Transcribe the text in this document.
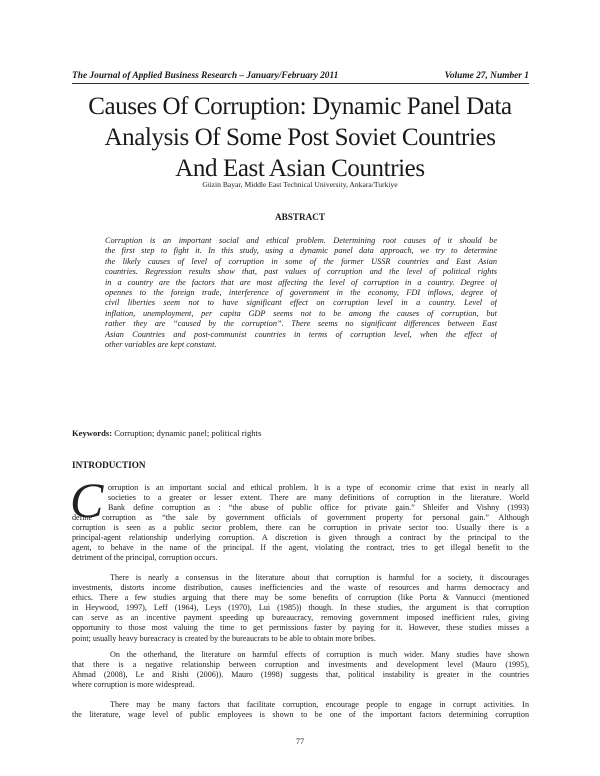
The Journal of Applied Business Research – January/February 2011	Volume 27, Number 1
Causes Of Corruption: Dynamic Panel Data
Analysis Of Some Post Soviet Countries
And East Asian Countries
Güzin Bayar, Middle East Technical University, Ankara/Turkiye
ABSTRACT
Corruption is an important social and ethical problem. Determining root causes of it should be
the first step to fight it. In this study, using a dynamic panel data approach, we try to determine
the likely causes of level of corruption in some of the former USSR countries and East Asian
countries. Regression results show that, past values of corruption and the level of political rights
in a country are the factors that are most affecting the level of corruption in a country. Degree of
opennes to the foreign trade, interference of government in the economy, FDI inflows, degree of
civil liberties seem not to have significant effect on corruption level in a country. Level of
inflation, unemployment, per capita GDP seems not to be among the causes of corruption, but
rather they are “caused by the corruption”. There seems no significant differences between East
Asian Countries and post-communist countries in terms of corruption level, when the effect of
other variables are kept constant.
Keywords: Corruption; dynamic panel; political rights
INTRODUCTION
C orruption is an important social and ethical problem. It is a type of economic crime that exist in nearly all
societies to a greater or lesser extent. There are many definitions of corruption in the literature. World
Bank define corruption as : “the abuse of public office for private gain.” Shleifer and Vishny (1993)
define corruption as “the sale by government officials of government property for personal gain.” Although
corruption is seen as a public sector problem, there can be corruption in private sector too. Usually there is a
principal-agent relationship underlying corruption. A discretion is given through a contract by the principal to the
agent, to behave in the name of the principal. If the agent, violating the contract, tries to get illegal benefit to the
detriment of the principal, corruption occurs.
There is nearly a consensus in the literature about that corruption is harmful for a society, it discourages
investments, distorts income distribution, causes inefficiencies and the waste of resources and harms democracy and
ethics. There a few studies arguing that there may be some benefits of corruption (like Porta & Vannucci (mentioned
in Heywood, 1997), Leff (1964), Leys (1970), Lui (1985)) though. In these studies, the argument is that corruption
can serve as an incentive payment speeding up bureaucracy, removing government imposed inefficient rules, giving
opportunity to those most valuing the time to get permissions faster by paying for it. However, these studies misses a
point; usually heavy bureacracy is created by the bureaucrats to be able to obtain more bribes.
On the otherhand, the literature on harmful effects of corruption is much wider. Many studies have shown
that there is a negative relationship between corruption and investments and development level (Mauro (1995),
Ahmad (2008), Le and Rishi (2006)). Mauro (1998) suggests that, political instability is greater in the countries
where corruption is more widespread.
There may be many factors that facilitate corruption, encourage people to engage in corrupt activities. In
the literature, wage level of public employees is shown to be one of the important factors determining corruption
77
